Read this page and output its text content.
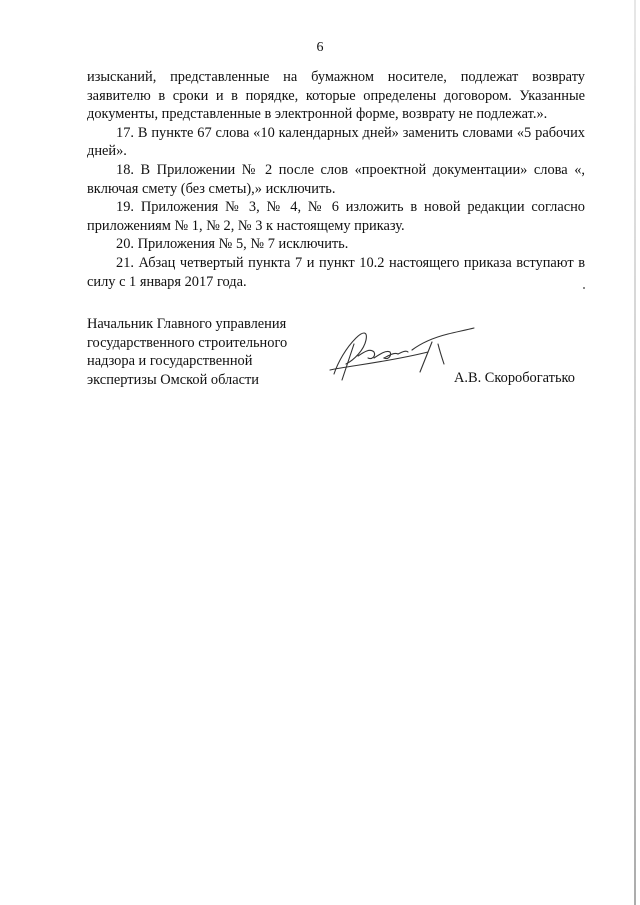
6

изысканий, представленные на бумажном носителе, подлежат возврату заявителю в сроки и в порядке, которые определены договором. Указанные документы, представленные в электронной форме, возврату не подлежат.».

17. В пункте 67 слова «10 календарных дней» заменить словами «5 рабочих дней».

18. В Приложении № 2 после слов «проектной документации» слова «, включая смету (без сметы),» исключить.

19. Приложения № 3, № 4, № 6 изложить в новой редакции согласно приложениям № 1, № 2, № 3 к настоящему приказу.

20. Приложения № 5, № 7 исключить.

21. Абзац четвертый пункта 7 и пункт 10.2 настоящего приказа вступают в силу с 1 января 2017 года.

Начальник Главного управления
государственного строительного
надзора и государственной
экспертизы Омской области	А.В. Скоробогатько
